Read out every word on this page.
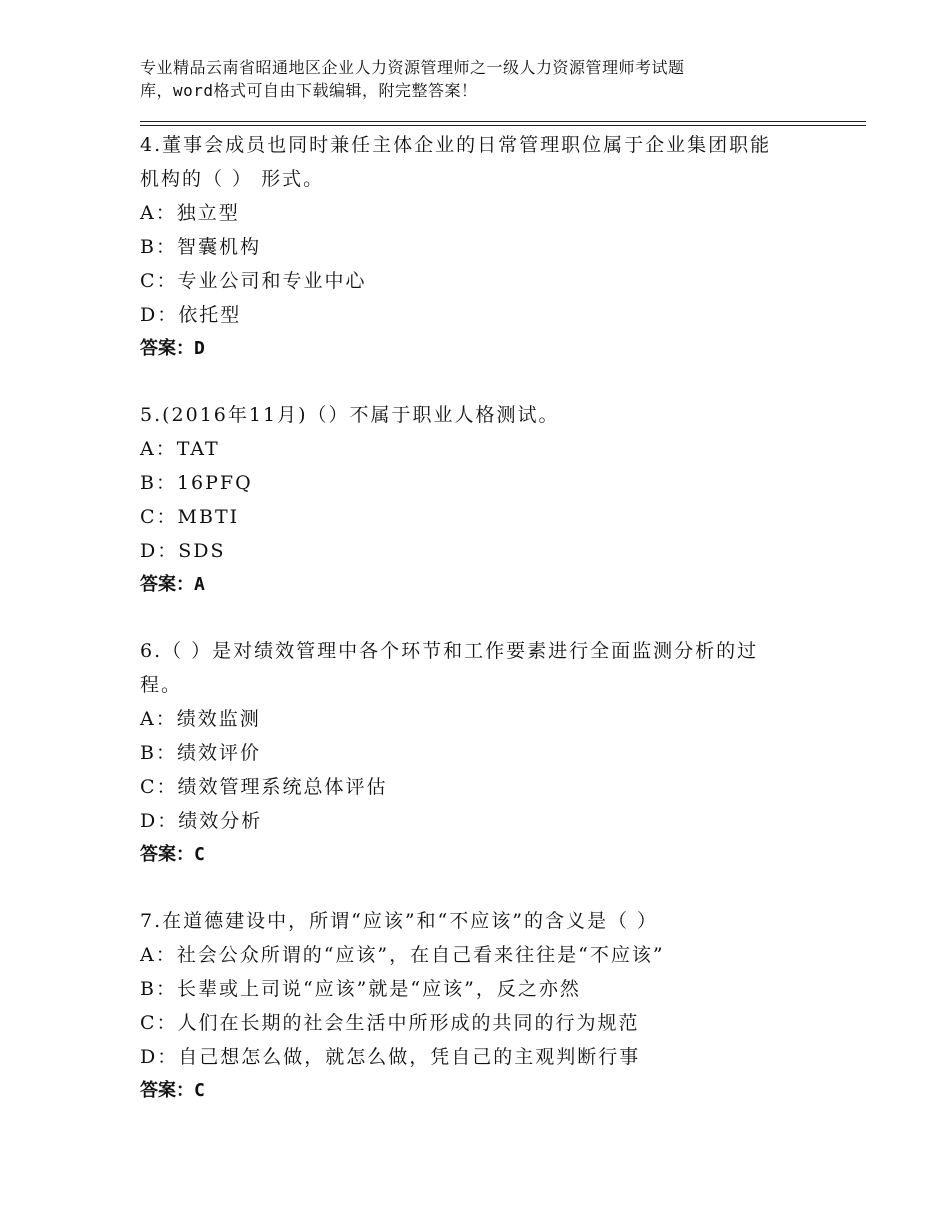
专业精品云南省昭通地区企业人力资源管理师之一级人力资源管理师考试题
库，word格式可自由下载编辑，附完整答案！

4.董事会成员也同时兼任主体企业的日常管理职位属于企业集团职能

机构的（ ） 形式。

A：独立型

B：智囊机构

C：专业公司和专业中心

D：依托型

答案：D

5.(2016年11月)（）不属于职业人格测试。

A：TAT

B：16PFQ

C：MBTI

D：SDS

答案：A

6.（ ）是对绩效管理中各个环节和工作要素进行全面监测分析的过

程。

A：绩效监测

B：绩效评价

C：绩效管理系统总体评估

D：绩效分析

答案：C

7.在道德建设中，所谓“应该”和“不应该”的含义是（ ）

A：社会公众所谓的“应该”，在自己看来往往是“不应该”

B：长辈或上司说“应该”就是“应该”，反之亦然

C：人们在长期的社会生活中所形成的共同的行为规范

D：自己想怎么做，就怎么做，凭自己的主观判断行事

答案：C
